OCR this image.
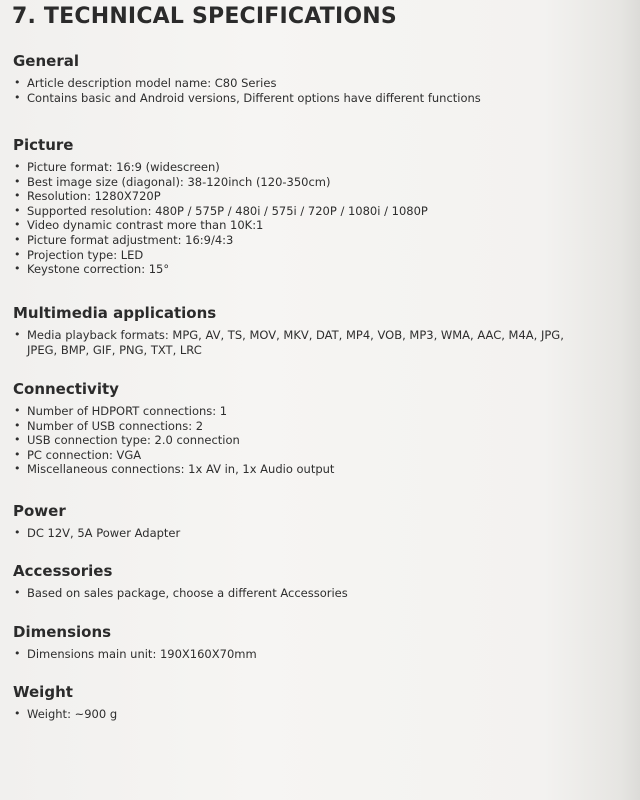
7. TECHNICAL SPECIFICATIONS
General
• Article description model name: C80 Series
• Contains basic and Android versions, Different options have different functions
Picture
• Picture format: 16:9 (widescreen)
• Best image size (diagonal): 38-120inch (120-350cm)
• Resolution: 1280X720P
• Supported resolution: 480P / 575P / 480i / 575i / 720P / 1080i / 1080P
• Video dynamic contrast more than 10K:1
• Picture format adjustment: 16:9/4:3
• Projection type: LED
• Keystone correction: 15°
Multimedia applications
• Media playback formats: MPG, AV, TS, MOV, MKV, DAT, MP4, VOB, MP3, WMA, AAC, M4A, JPG, JPEG, BMP, GIF, PNG, TXT, LRC
Connectivity
• Number of HDPORT connections: 1
• Number of USB connections: 2
• USB connection type: 2.0 connection
• PC connection: VGA
• Miscellaneous connections: 1x AV in, 1x Audio output
Power
• DC 12V, 5A Power Adapter
Accessories
• Based on sales package, choose a different Accessories
Dimensions
• Dimensions main unit: 190X160X70mm
Weight
• Weight: ~900 g
